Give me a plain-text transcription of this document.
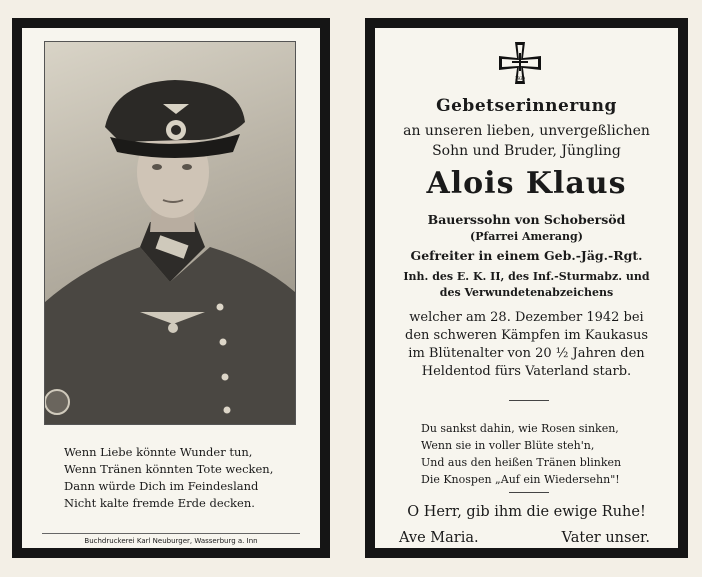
Wenn Liebe könnte Wunder tun,
Wenn Tränen könnten Tote wecken,
Dann würde Dich im Feindesland
Nicht kalte fremde Erde decken.
Buchdruckerei Karl Neuburger, Wasserburg a. Inn
1939
Gebetserinnerung
an unseren lieben, unvergeßlichen
Sohn und Bruder, Jüngling
Alois Klaus
Bauerssohn von Schobersöd
(Pfarrei Amerang)
Gefreiter in einem Geb.-Jäg.-Rgt.
Inh. des E. K. II, des Inf.-Sturmabz. und
des Verwundetenabzeichens
welcher am 28. Dezember 1942 bei
den schweren Kämpfen im Kaukasus
im Blütenalter von 20 ½ Jahren den
Heldentod fürs Vaterland starb.
Du sankst dahin, wie Rosen sinken,
Wenn sie in voller Blüte steh'n,
Und aus den heißen Tränen blinken
Die Knospen „Auf ein Wiedersehn"!
O Herr, gib ihm die ewige Ruhe!
Ave Maria.	Vater unser.
